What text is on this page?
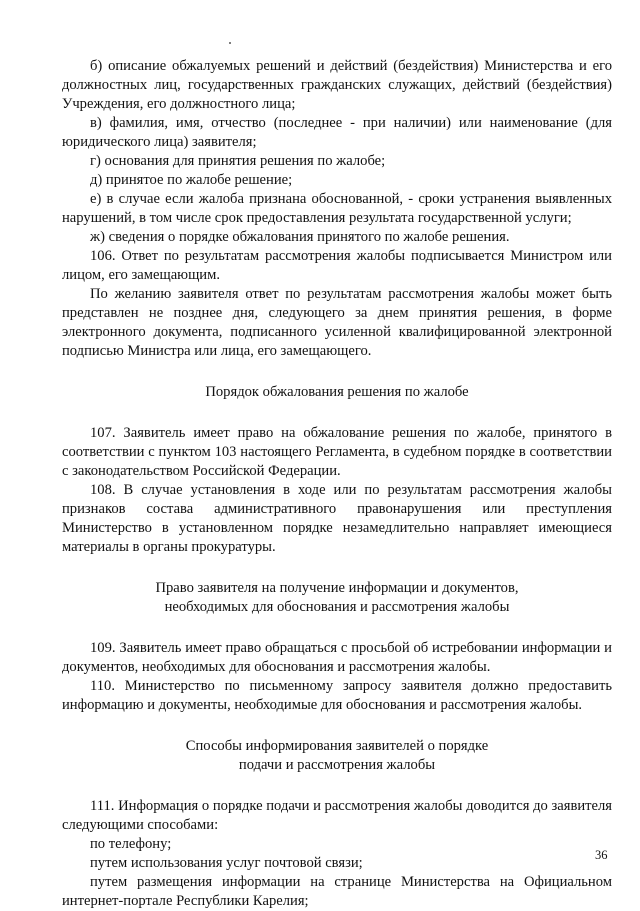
б) описание обжалуемых решений и действий (бездействия) Министерства и его должностных лиц, государственных гражданских служащих, действий (бездействия) Учреждения, его должностного лица;

в) фамилия, имя, отчество (последнее - при наличии) или наименование (для юридического лица) заявителя;

г) основания для принятия решения по жалобе;

д) принятое по жалобе решение;

е) в случае если жалоба признана обоснованной, - сроки устранения выявленных нарушений, в том числе срок предоставления результата государственной услуги;

ж) сведения о порядке обжалования принятого по жалобе решения.

106. Ответ по результатам рассмотрения жалобы подписывается Министром или лицом, его замещающим.

По желанию заявителя ответ по результатам рассмотрения жалобы может быть представлен не позднее дня, следующего за днем принятия решения, в форме электронного документа, подписанного усиленной квалифицированной электронной подписью Министра или лица, его замещающего.

Порядок обжалования решения по жалобе

107. Заявитель имеет право на обжалование решения по жалобе, принятого в соответствии с пунктом 103 настоящего Регламента, в судебном порядке в соответствии с законодательством Российской Федерации.

108. В случае установления в ходе или по результатам рассмотрения жалобы признаков состава административного правонарушения или преступления Министерство в установленном порядке незамедлительно направляет имеющиеся материалы в органы прокуратуры.

Право заявителя на получение информации и документов,
необходимых для обоснования и рассмотрения жалобы

109. Заявитель имеет право обращаться с просьбой об истребовании информации и документов, необходимых для обоснования и рассмотрения жалобы.

110. Министерство по письменному запросу заявителя должно предоставить информацию и документы, необходимые для обоснования и рассмотрения жалобы.

Способы информирования заявителей о порядке
подачи и рассмотрения жалобы

111. Информация о порядке подачи и рассмотрения жалобы доводится до заявителя следующими способами:

по телефону;

путем использования услуг почтовой связи;

путем размещения информации на странице Министерства на Официальном интернет-портале Республики Карелия;

36
